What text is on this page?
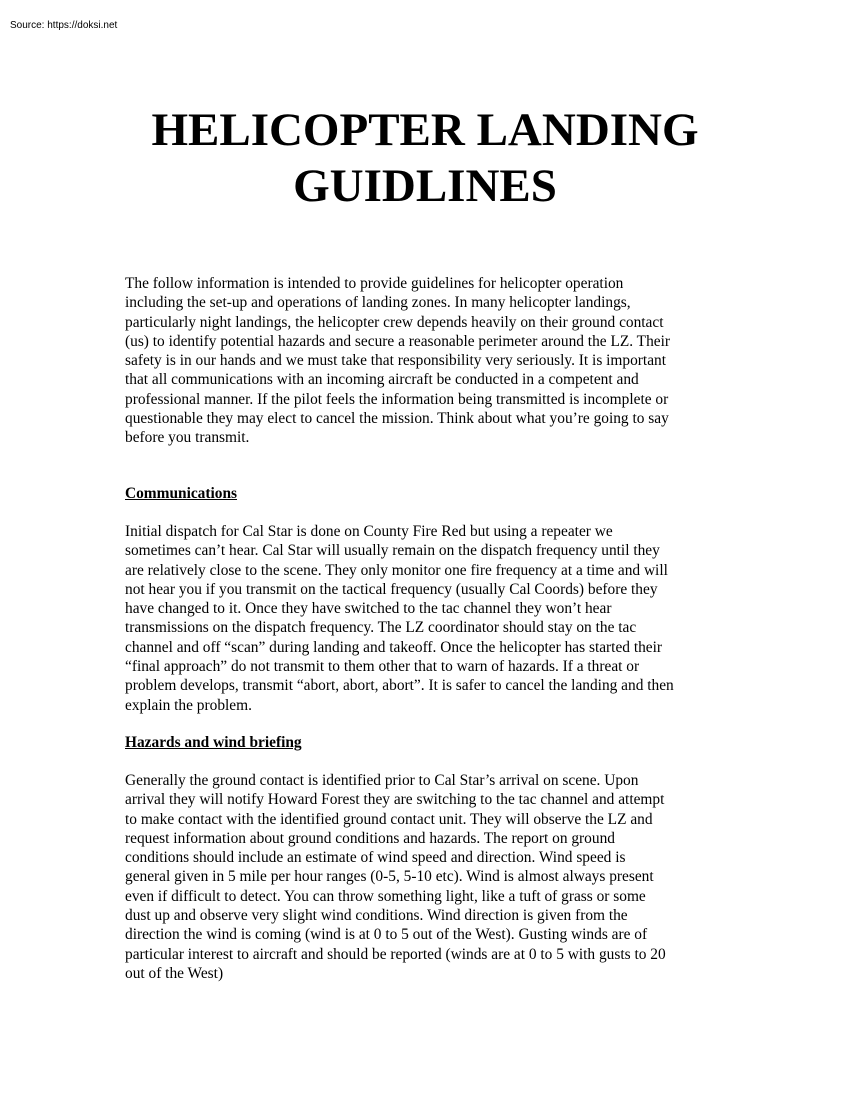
Source: https://doksi.net
HELICOPTER LANDING
GUIDLINES

The follow information is intended to provide guidelines for helicopter operation
including the set-up and operations of landing zones. In many helicopter landings,
particularly night landings, the helicopter crew depends heavily on their ground contact
(us) to identify potential hazards and secure a reasonable perimeter around the LZ. Their
safety is in our hands and we must take that responsibility very seriously. It is important
that all communications with an incoming aircraft be conducted in a competent and
professional manner. If the pilot feels the information being transmitted is incomplete or
questionable they may elect to cancel the mission. Think about what you’re going to say
before you transmit.

Communications

Initial dispatch for Cal Star is done on County Fire Red but using a repeater we
sometimes can’t hear. Cal Star will usually remain on the dispatch frequency until they
are relatively close to the scene. They only monitor one fire frequency at a time and will
not hear you if you transmit on the tactical frequency (usually Cal Coords) before they
have changed to it. Once they have switched to the tac channel they won’t hear
transmissions on the dispatch frequency. The LZ coordinator should stay on the tac
channel and off “scan” during landing and takeoff. Once the helicopter has started their
“final approach” do not transmit to them other that to warn of hazards. If a threat or
problem develops, transmit “abort, abort, abort”. It is safer to cancel the landing and then
explain the problem.

Hazards and wind briefing

Generally the ground contact is identified prior to Cal Star’s arrival on scene. Upon
arrival they will notify Howard Forest they are switching to the tac channel and attempt
to make contact with the identified ground contact unit. They will observe the LZ and
request information about ground conditions and hazards. The report on ground
conditions should include an estimate of wind speed and direction. Wind speed is
general given in 5 mile per hour ranges (0-5, 5-10 etc). Wind is almost always present
even if difficult to detect. You can throw something light, like a tuft of grass or some
dust up and observe very slight wind conditions. Wind direction is given from the
direction the wind is coming (wind is at 0 to 5 out of the West). Gusting winds are of
particular interest to aircraft and should be reported (winds are at 0 to 5 with gusts to 20
out of the West)
